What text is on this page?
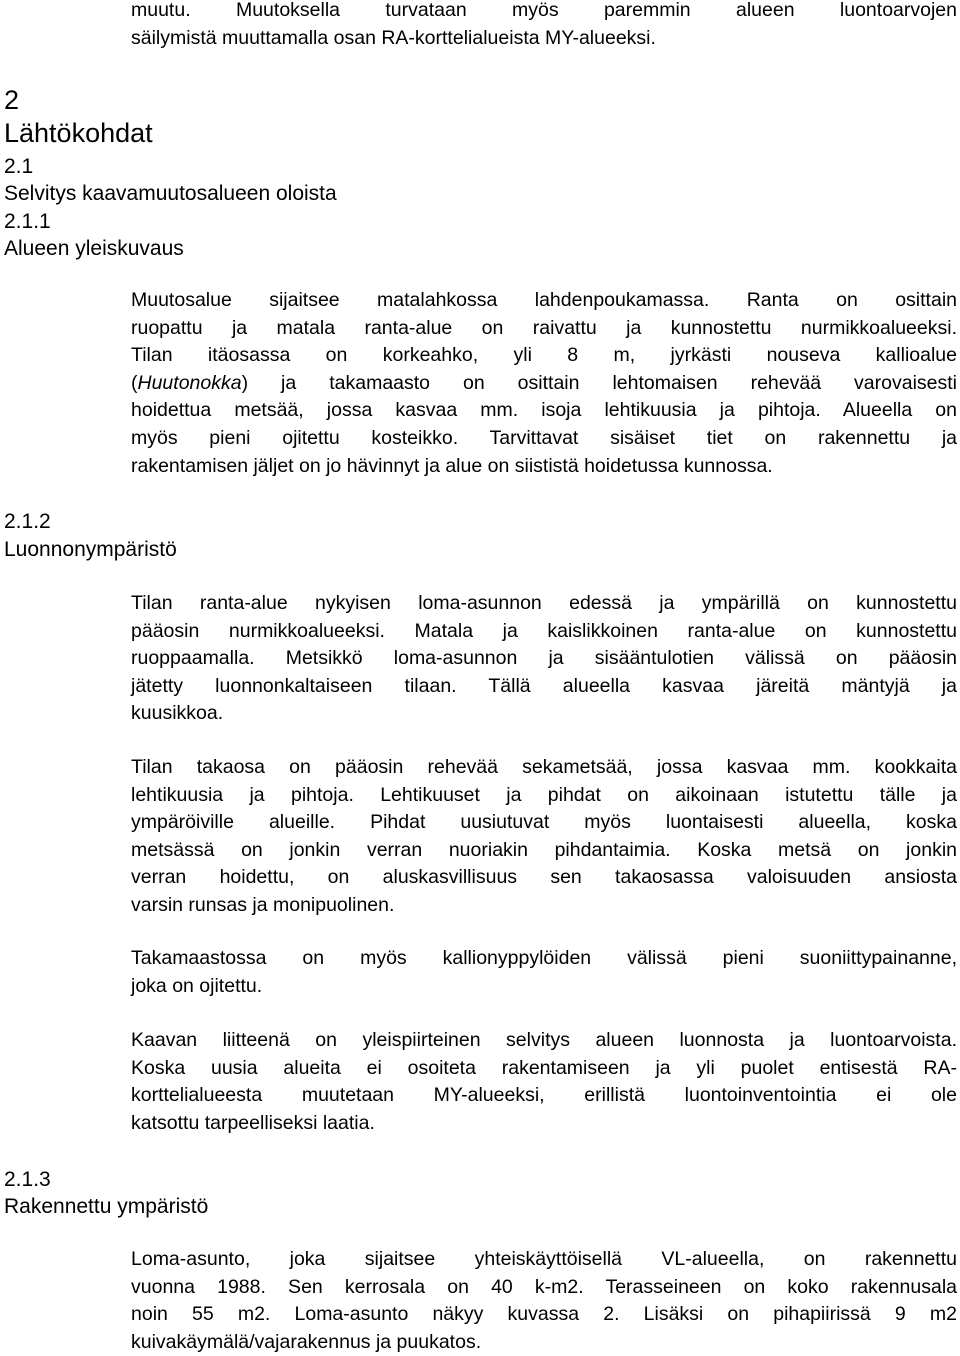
muutu. Muutoksella turvataan myös paremmin alueen luontoarvojen
säilymistä muuttamalla osan RA-korttelialueista MY-alueeksi.
2
Lähtökohdat
2.1
Selvitys kaavamuutosalueen oloista
2.1.1
Alueen yleiskuvaus
Muutosalue sijaitsee matalahkossa lahdenpoukamassa. Ranta on osittain
ruopattu ja matala ranta-alue on raivattu ja kunnostettu nurmikkoalueeksi.
Tilan itäosassa on korkeahko, yli 8 m, jyrkästi nouseva kallioalue
(Huutonokka) ja takamaasto on osittain lehtomaisen rehevää varovaisesti
hoidettua metsää, jossa kasvaa mm. isoja lehtikuusia ja pihtoja. Alueella on
myös pieni ojitettu kosteikko. Tarvittavat sisäiset tiet on rakennettu ja
rakentamisen jäljet on jo hävinnyt ja alue on siististä hoidetussa kunnossa.
2.1.2
Luonnonympäristö
Tilan ranta-alue nykyisen loma-asunnon edessä ja ympärillä on kunnostettu
pääosin nurmikkoalueeksi. Matala ja kaislikkoinen ranta-alue on kunnostettu
ruoppaamalla. Metsikkö loma-asunnon ja sisääntulotien välissä on pääosin
jätetty luonnonkaltaiseen tilaan. Tällä alueella kasvaa järeitä mäntyjä ja
kuusikkoa.
Tilan takaosa on pääosin rehevää sekametsää, jossa kasvaa mm. kookkaita
lehtikuusia ja pihtoja. Lehtikuuset ja pihdat on aikoinaan istutettu tälle ja
ympäröiville alueille. Pihdat uusiutuvat myös luontaisesti alueella, koska
metsässä on jonkin verran nuoriakin pihdantaimia. Koska metsä on jonkin
verran hoidettu, on aluskasvillisuus sen takaosassa valoisuuden ansiosta
varsin runsas ja monipuolinen.
Takamaastossa on myös kallionyppylöiden välissä pieni suoniittypainanne,
joka on ojitettu.
Kaavan liitteenä on yleispiirteinen selvitys alueen luonnosta ja luontoarvoista.
Koska uusia alueita ei osoiteta rakentamiseen ja yli puolet entisestä RA-
korttelialueesta muutetaan MY-alueeksi, erillistä luontoinventointia ei ole
katsottu tarpeelliseksi laatia.
2.1.3
Rakennettu ympäristö
Loma-asunto, joka sijaitsee yhteiskäyttöisellä VL-alueella, on rakennettu
vuonna 1988. Sen kerrosala on 40 k-m2. Terasseineen on koko rakennusala
noin 55 m2. Loma-asunto näkyy kuvassa 2. Lisäksi on pihapiirissä 9 m2
kuivakäymälä/vajarakennus ja puukatos.
